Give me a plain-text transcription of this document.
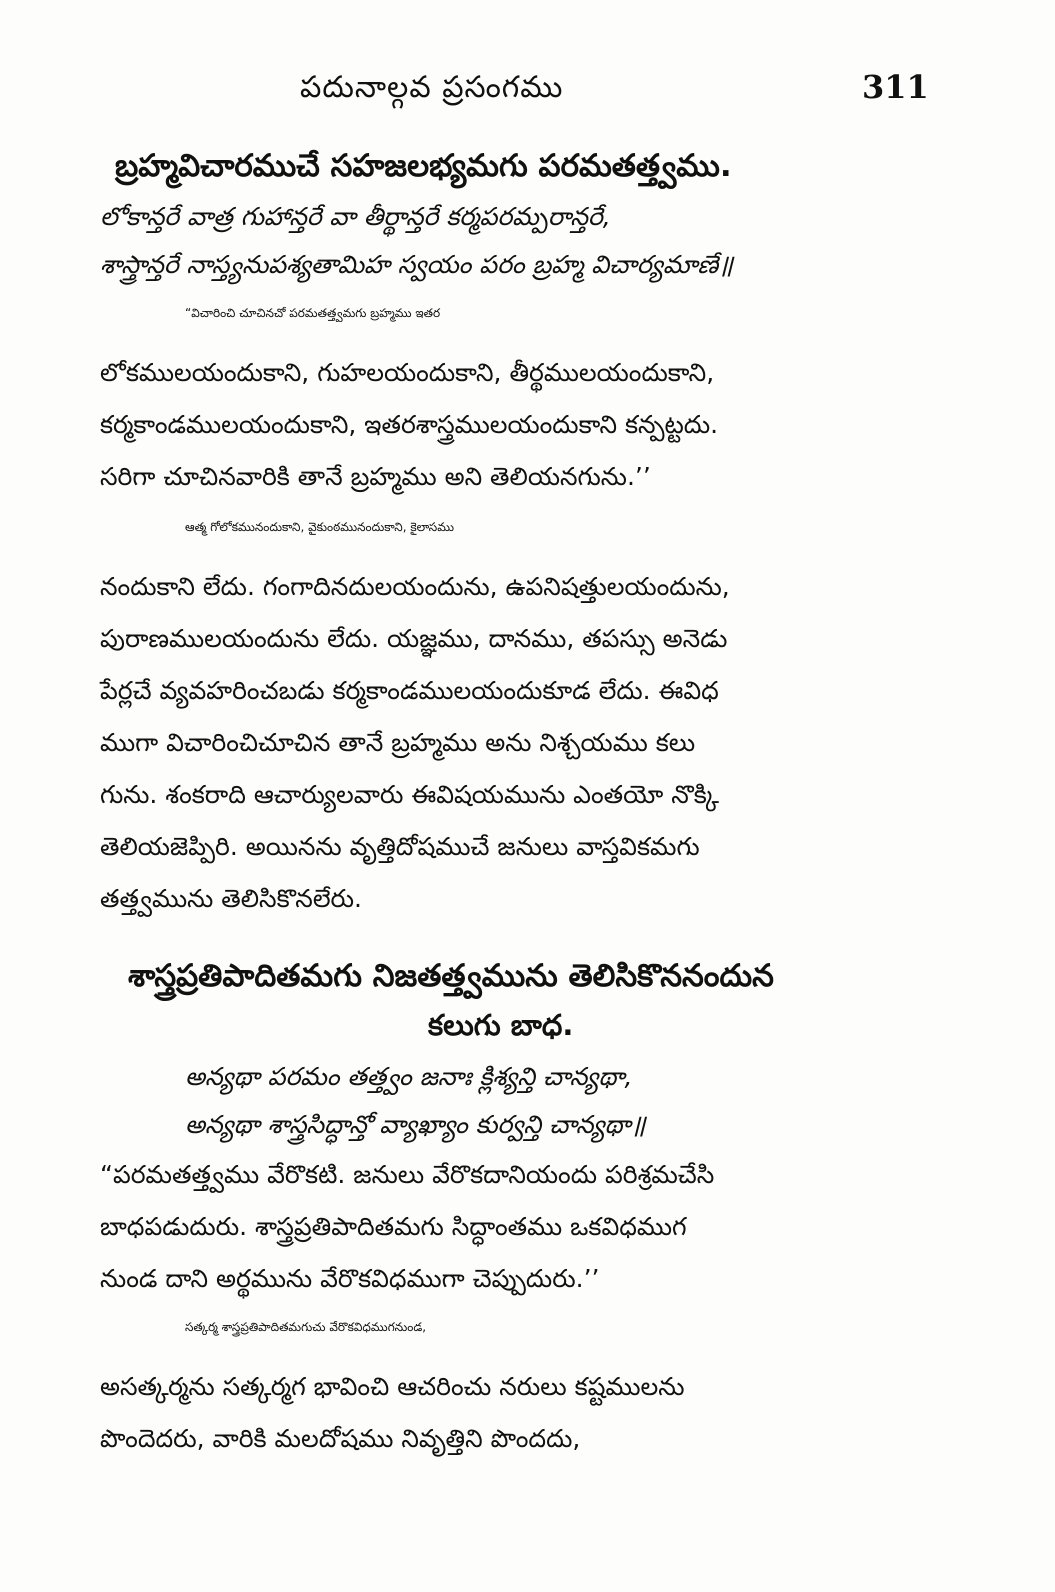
పదునాల్గవ ప్రసంగము	311
బ్రహ్మవిచారముచే సహజలభ్యమగు పరమతత్త్వము.
లోకాన్తరే వాత్ర గుహాన్తరే వా తీర్థాన్తరే కర్మపరమ్పరాన్తరే,
శాస్త్రాన్తరే నాస్త్యనుపశ్యతామిహ స్వయం పరం బ్రహ్మ విచార్యమాణే॥
“విచారించి చూచినచో పరమతత్త్వమగు బ్రహ్మము ఇతర
లోకములయందుకాని, గుహలయందుకాని, తీర్థములయందుకాని,
కర్మకాండములయందుకాని, ఇతరశాస్త్రములయందుకాని కన్పట్టదు.
సరిగా చూచినవారికి తానే బ్రహ్మము అని తెలియనగును.’’
ఆత్మ గోలోకమునందుకాని, వైకుంఠమునందుకాని, కైలాసము
నందుకాని లేదు. గంగాదినదులయందును, ఉపనిషత్తులయందును,
పురాణములయందును లేదు. యజ్ఞము, దానము, తపస్సు అనెడు
పేర్లచే వ్యవహరించబడు కర్మకాండములయందుకూడ లేదు. ఈవిధ
ముగా విచారించిచూచిన తానే బ్రహ్మము అను నిశ్చయము కలు
గును. శంకరాది ఆచార్యులవారు ఈవిషయమును ఎంతయో నొక్కి
తెలియజెప్పిరి. అయినను వృత్తిదోషముచే జనులు వాస్తవికమగు
తత్త్వమును తెలిసికొనలేరు.
శాస్త్రప్రతిపాదితమగు నిజతత్త్వమును తెలిసికొననందున
కలుగు బాధ.
అన్యథా పరమం తత్త్వం జనాః క్లిశ్యన్తి చాన్యథా,
అన్యథా శాస్త్రసిద్ధాన్తో వ్యాఖ్యాం కుర్వన్తి చాన్యథా॥
“పరమతత్త్వము వేరొకటి. జనులు వేరొకదానియందు పరిశ్రమచేసి
బాధపడుదురు. శాస్త్రప్రతిపాదితమగు సిద్ధాంతము ఒకవిధముగ
నుండ దాని అర్థమును వేరొకవిధముగా చెప్పుదురు.’’
సత్కర్మ శాస్త్రప్రతిపాదితమగుచు వేరొకవిధముగనుండ,
అసత్కర్మను సత్కర్మగ భావించి ఆచరించు నరులు కష్టములను
పొందెదరు, వారికి మలదోషము నివృత్తిని పొందదు,
